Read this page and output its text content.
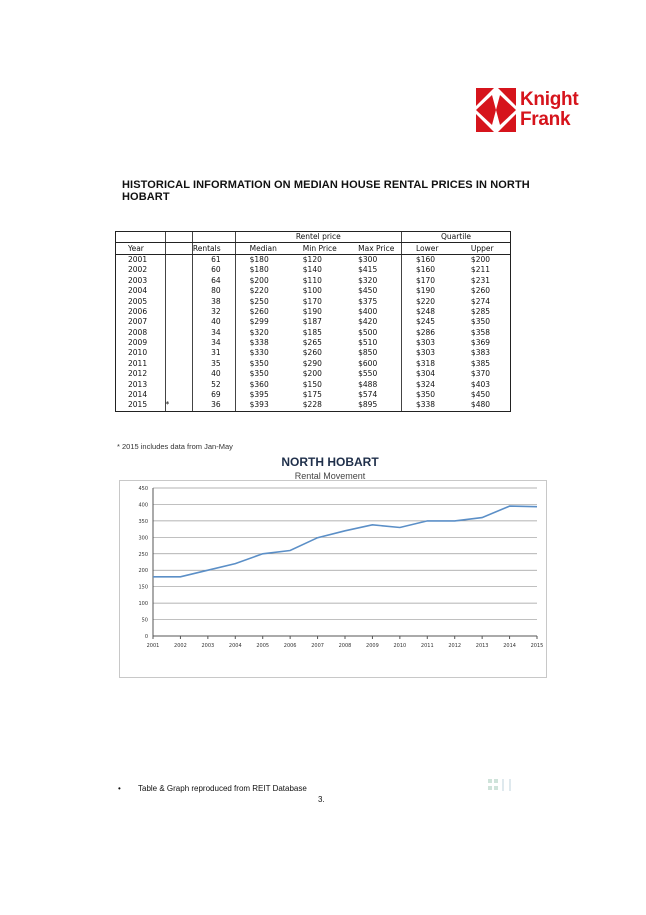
Knight
Frank
HISTORICAL INFORMATION ON MEDIAN HOUSE RENTAL PRICES IN NORTH HOBART
			Rentel price			Quartile	
Year		Rentals	Median	Min Price	Max Price	Lower	Upper
2001		61	$180	$120	$300	$160	$200
2002		60	$180	$140	$415	$160	$211
2003		64	$200	$110	$320	$170	$231
2004		80	$220	$100	$450	$190	$260
2005		38	$250	$170	$375	$220	$274
2006		32	$260	$190	$400	$248	$285
2007		40	$299	$187	$420	$245	$350
2008		34	$320	$185	$500	$286	$358
2009		34	$338	$265	$510	$303	$369
2010		31	$330	$260	$850	$303	$383
2011		35	$350	$290	$600	$318	$385
2012		40	$350	$200	$550	$304	$370
2013		52	$360	$150	$488	$324	$403
2014		69	$395	$175	$574	$350	$450
2015	*	36	$393	$228	$895	$338	$480
* 2015 includes data from Jan-May
NORTH HOBART
Rental Movement
0
50
100
150
200
250
300
350
400
450
2001	2002	2003	2004	2005	2006	2007	2008	2009	2010	2011	2012	2013	2014	2015
• Table & Graph reproduced from REIT Database
3.
